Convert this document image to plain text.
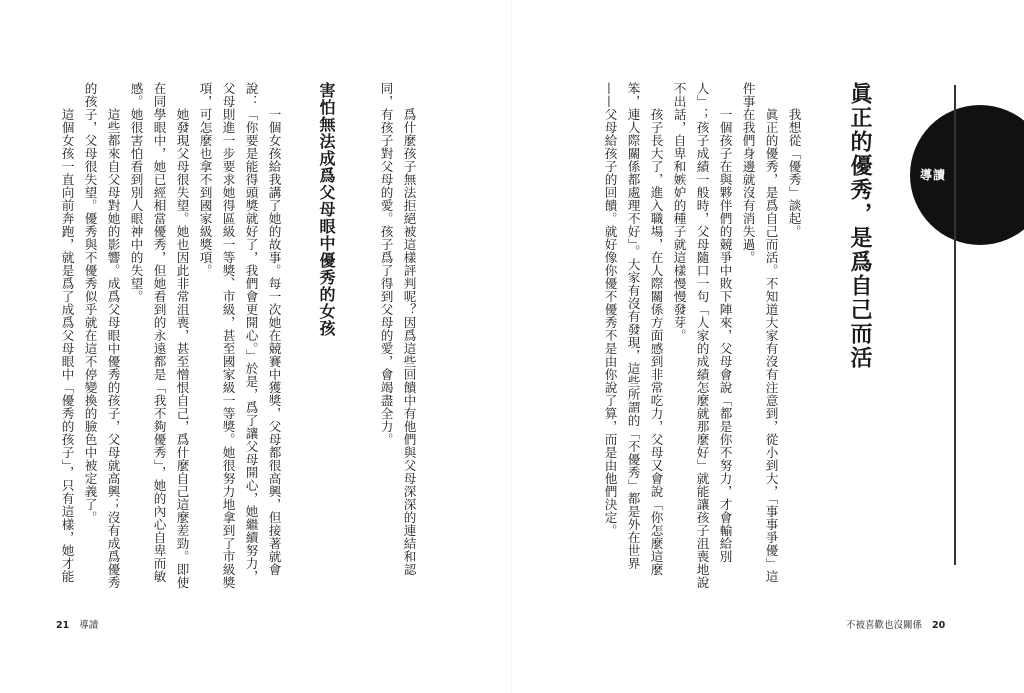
導讀
眞正的優秀，是爲自己而活
我想從「優秀」談起。
眞正的優秀，是爲自己而活。不知道大家有沒有注意到，從小到大，「事事爭優」這
件事在我們身邊就沒有消失過。
一個孩子在與夥伴們的競爭中敗下陣來，父母會說「都是你不努力，才會輸給別
人」；孩子成績一般時，父母隨口一句「人家的成績怎麼就那麼好」就能讓孩子沮喪地說
不出話，自卑和嫉妒的種子就這樣慢慢發芽。
孩子長大了，進入職場，在人際關係方面感到非常吃力，父母又會說「你怎麼這麼
笨，連人際關係都處理不好」。大家有沒有發現，這些所謂的「不優秀」都是外在世界
——父母給孩子的回饋。就好像你優不優秀不是由你說了算，而是由他們決定。
不被喜歡也沒關係 20
爲什麼孩子無法拒絕被這樣評判呢？因爲這些回饋中有他們與父母深深的連結和認
同，有孩子對父母的愛。孩子爲了得到父母的愛，會竭盡全力。
害怕無法成爲父母眼中優秀的女孩
一個女孩給我講了她的故事。每一次她在競賽中獲獎，父母都很高興，但接著就會
說：「你要是能得頭獎就好了，我們會更開心。」於是，爲了讓父母開心，她繼續努力，
父母則進一步要求她得區級一等獎、市級，甚至國家級一等獎。她很努力地拿到了市級獎
項，可怎麼也拿不到國家級獎項。
她發現父母很失望。她也因此非常沮喪，甚至憎恨自己，爲什麼自己這麼差勁。即使
在同學眼中，她已經相當優秀，但她看到的永遠都是「我不夠優秀」，她的內心自卑而敏
感。她很害怕看到別人眼神中的失望。
這些都來自父母對她的影響。成爲父母眼中優秀的孩子，父母就高興；沒有成爲優秀
的孩子，父母很失望。優秀與不優秀似乎就在這不停變換的臉色中被定義了。
這個女孩一直向前奔跑，就是爲了成爲父母眼中「優秀的孩子」，只有這樣，她才能
21 導讀
